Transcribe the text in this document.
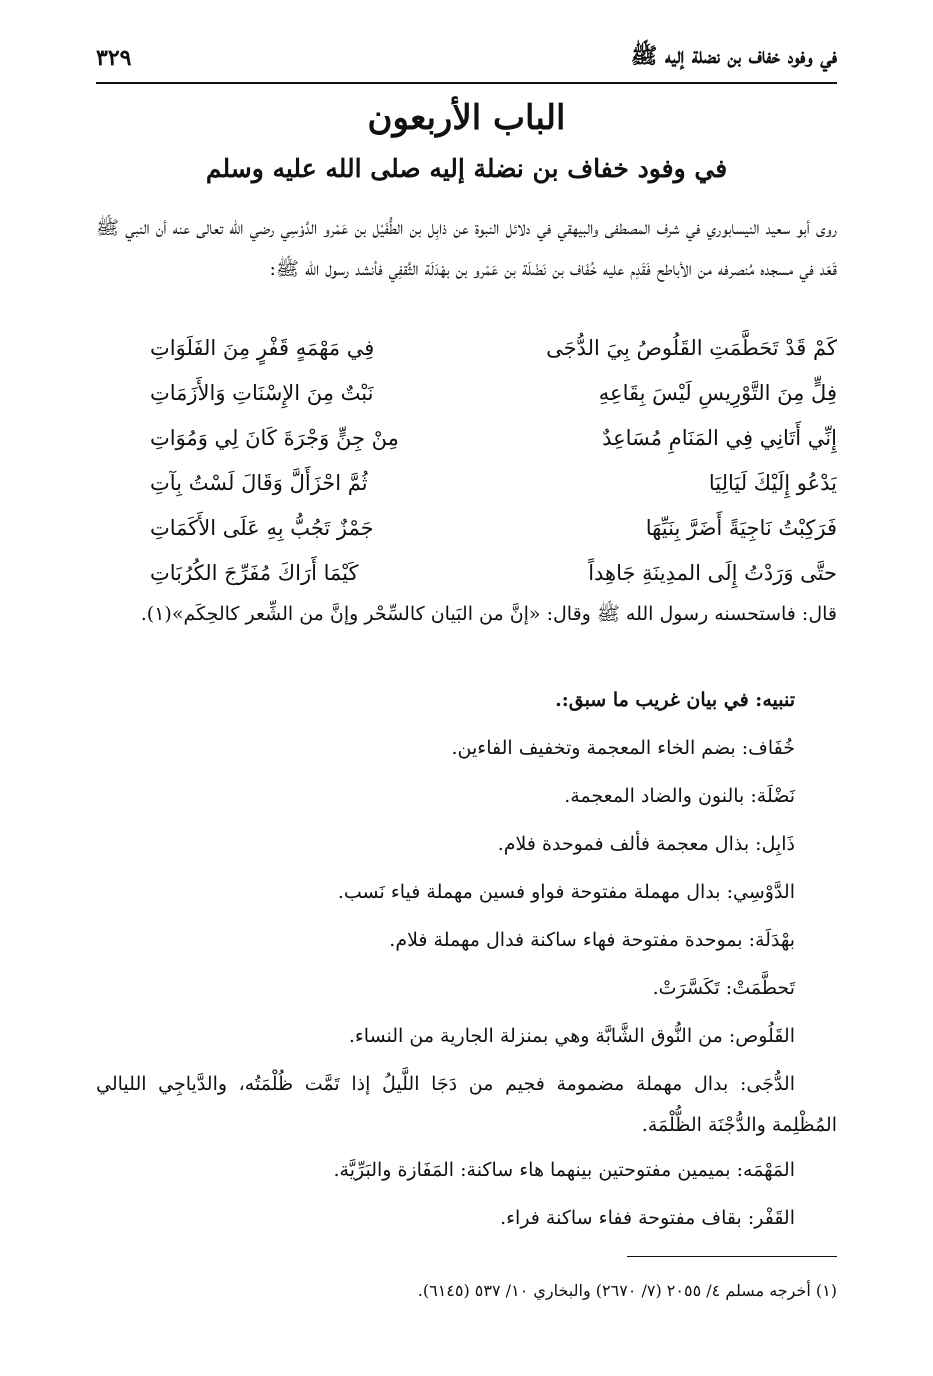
في وفود خفاف بن نضلة إليه ﷺ
٣٢٩
الباب الأربعون
في وفود خفاف بن نضلة إليه صلى الله عليه وسلم

روى أبو سعيد النيسابوري في شرف المصطفى والبيهقي في دلائل النبوة عن ذابِل بن الطُّفَيْل بن عَمْرو الدَّوْسِي رضي الله تعالى عنه أن النبي ﷺ قَعَد في مسجده مُنصرفه من الأباطح فَقَدِم عليه خُفَاف بن نَضْلَة بن عَمْرو بن بهْدَلَة الثَّقفِي فأنشد رسول الله ﷺ:

كَمْ قَدْ تَحَطَّمَتِ القَلُوصُ بِيَ الدُّجَى
فِي مَهْمَهٍ قَفْرٍ مِنَ الفَلَوَاتِ
فِلٍّ مِنَ التَّوْرِيسِ لَيْسَ بِقَاعِهِ
نَبْتٌ مِنَ الإِسْنَاتِ وَالأَزَمَاتِ
إِنِّي أَتَانِي فِي المَنَامِ مُسَاعِدٌ
مِنْ جِنٍّ وَجْرَةَ كَانَ لِي وَمُوَاتِ
يَدْعُو إِلَيْكَ لَيَالِيَا
ثُمَّ احْزَأَلَّ وَقَالَ لَسْتُ بِآتِ
فَرَكِبْتُ نَاجِيَةً أَضَرَّ بِنَيِّهَا
جَمْزٌ تَجُبُّ بِهِ عَلَى الأَكَمَاتِ
حتَّى وَرَدْتُ إِلَى المدِينَةِ جَاهِداً
كَيْمَا أَرَاكَ مُفَرِّجَ الكُرُبَاتِ

قال: فاستحسنه رسول الله ﷺ وقال: «إنَّ من البَيان كالسِّحْر وإنَّ من الشِّعر كالحِكَم»(١).

تنبيه: في بيان غريب ما سبق:.

خُفَاف: بضم الخاء المعجمة وتخفيف الفاءين.

نَضْلَة: بالنون والضاد المعجمة.

ذَابِل: بذال معجمة فألف فموحدة فلام.

الدَّوْسِي: بدال مهملة مفتوحة فواو فسين مهملة فياء نَسب.

بهْدَلَة: بموحدة مفتوحة فهاء ساكنة فدال مهملة فلام.

تَحطَّمَتْ: تَكَسَّرَتْ.

القَلُوص: من النُّوق الشَّابَّة وهي بمنزلة الجارية من النساء.

الدُّجَى: بدال مهملة مضمومة فجيم من دَجَا اللَّيلُ إذا تَمَّت ظُلْمَتُه، والدَّياجِي الليالي المُظْلِمة والدُّجْنَة الظُّلْمَة.

المَهْمَه: بميمين مفتوحتين بينهما هاء ساكنة: المَفَازة والبَرِّيَّة.

القَفْر: بقاف مفتوحة ففاء ساكنة فراء.

(١) أخرجه مسلم ٤/ ٢٠٥٥ (٧/ ٢٦٧٠) والبخاري ١٠/ ٥٣٧ (٦١٤٥).
